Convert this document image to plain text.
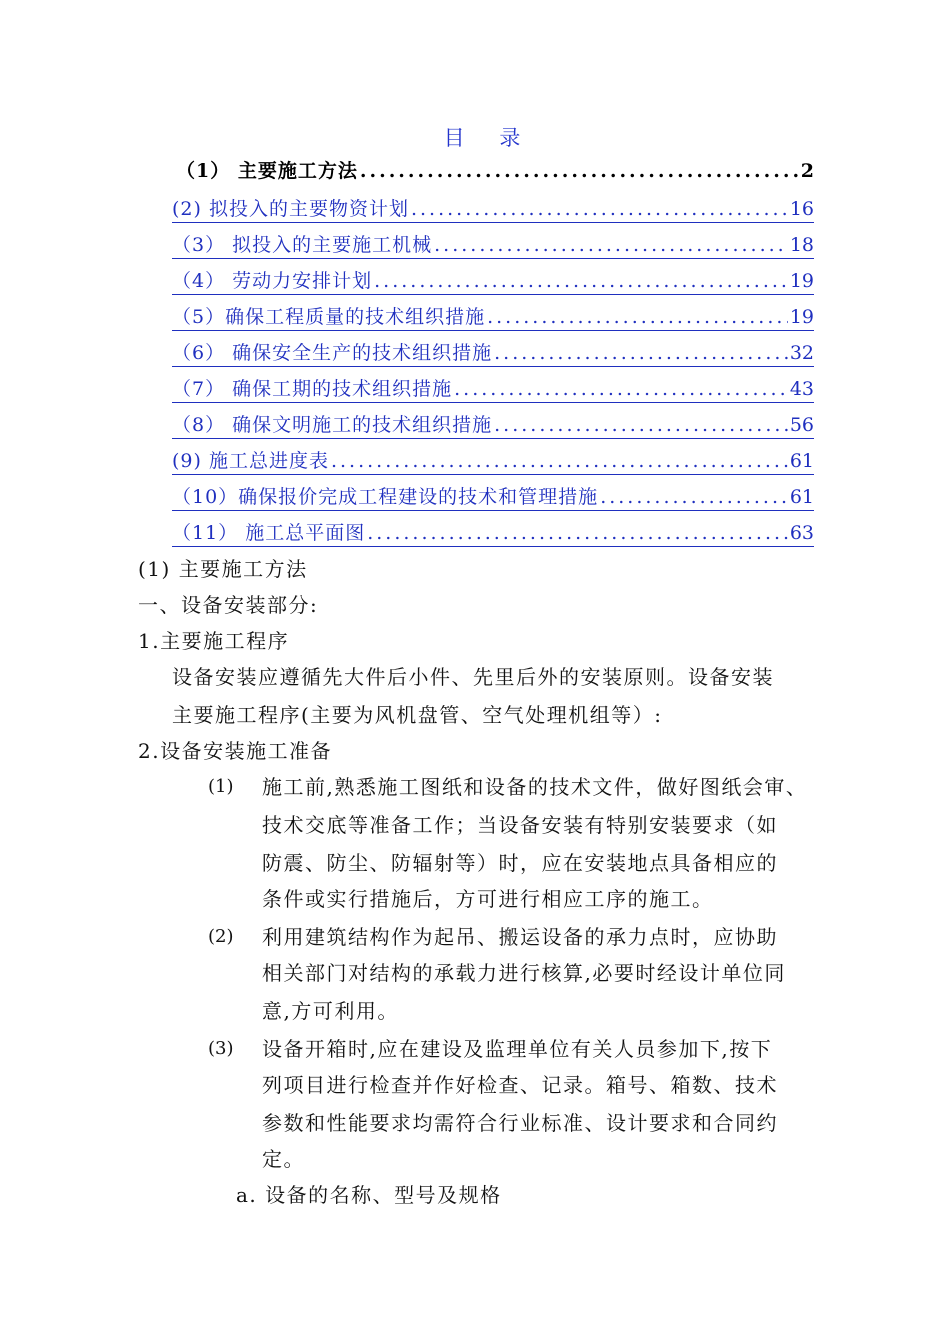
目 录
（1） 主要施工方法 .....	2
(2) 拟投入的主要物资计划 .....	16
（3） 拟投入的主要施工机械 .....	18
（4） 劳动力安排计划 .....	19
（5）确保工程质量的技术组织措施 .....	19
（6） 确保安全生产的技术组织措施 .....	32
（7） 确保工期的技术组织措施 .....	43
（8） 确保文明施工的技术组织措施 .....	56
(9) 施工总进度表 .....	61
（10）确保报价完成工程建设的技术和管理措施 .....	61
（11） 施工总平面图 .....	63
(1) 主要施工方法
一、设备安装部分:
1.主要施工程序
设备安装应遵循先大件后小件、先里后外的安装原则。设备安装
主要施工程序(主要为风机盘管、空气处理机组等）:
2.设备安装施工准备
(1) 施工前,熟悉施工图纸和设备的技术文件，做好图纸会审、
技术交底等准备工作；当设备安装有特别安装要求（如
防震、防尘、防辐射等）时，应在安装地点具备相应的
条件或实行措施后，方可进行相应工序的施工。
(2) 利用建筑结构作为起吊、搬运设备的承力点时，应协助
相关部门对结构的承载力进行核算,必要时经设计单位同
意,方可利用。
(3) 设备开箱时,应在建设及监理单位有关人员参加下,按下
列项目进行检查并作好检查、记录。箱号、箱数、技术
参数和性能要求均需符合行业标准、设计要求和合同约
定。
a. 设备的名称、型号及规格
